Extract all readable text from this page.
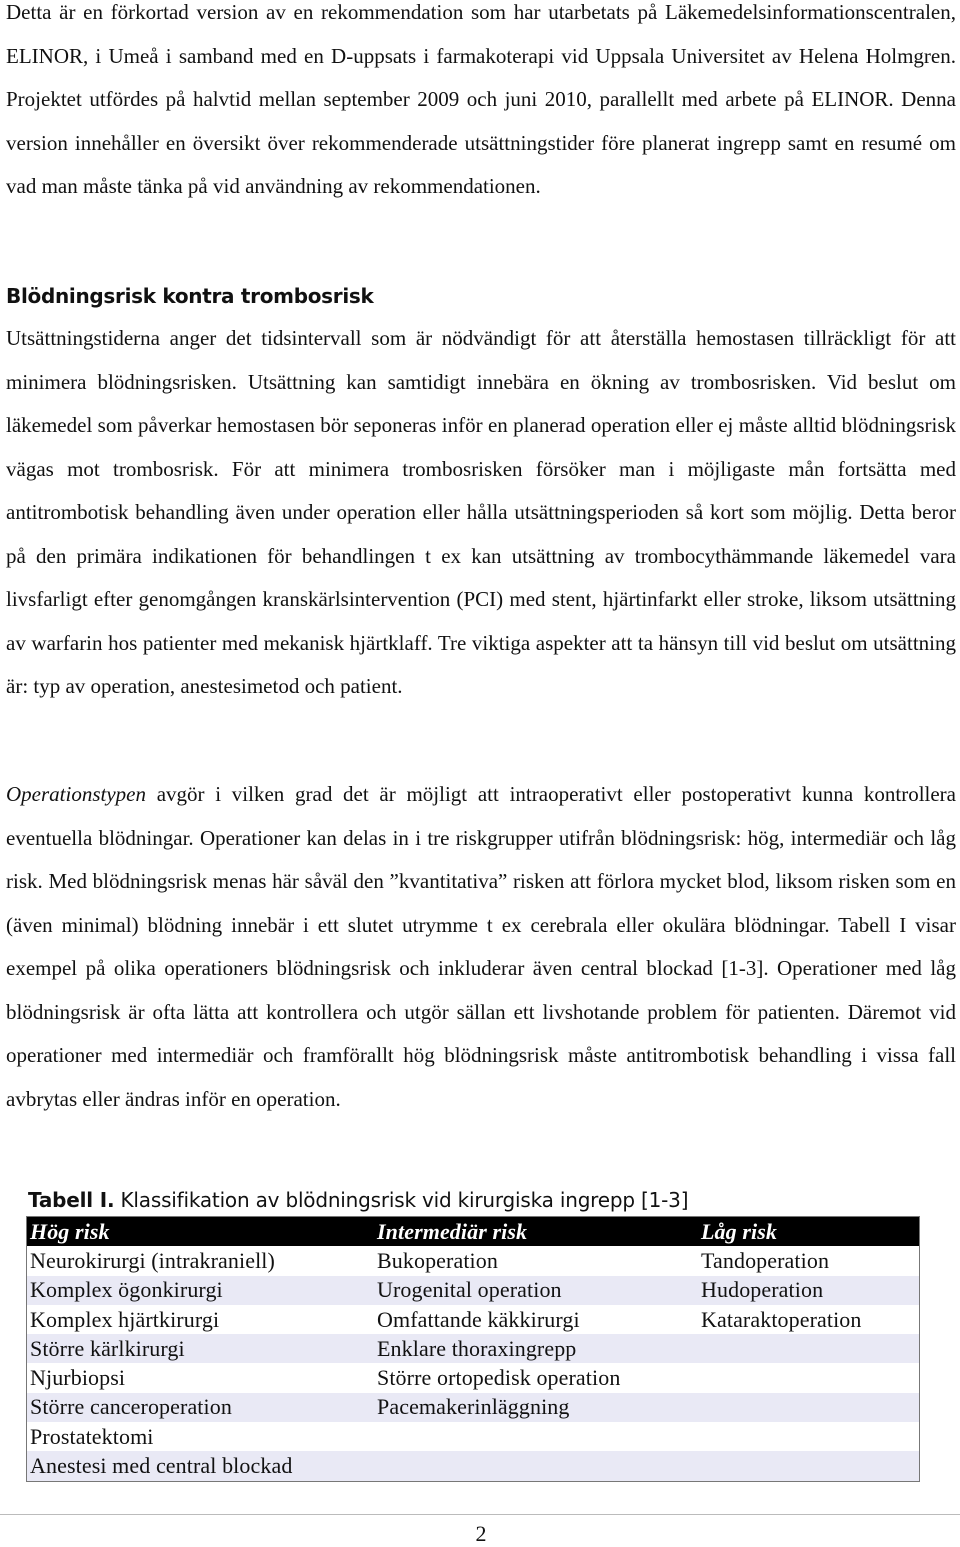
Detta är en förkortad version av en rekommendation som har utarbetats på Läkemedelsinformationscentralen, ELINOR, i Umeå i samband med en D-uppsats i farmakoterapi vid Uppsala Universitet av Helena Holmgren. Projektet utfördes på halvtid mellan september 2009 och juni 2010, parallellt med arbete på ELINOR. Denna version innehåller en översikt över rekommenderade utsättningstider före planerat ingrepp samt en resumé om vad man måste tänka på vid användning av rekommendationen.

Blödningsrisk kontra trombosrisk

Utsättningstiderna anger det tidsintervall som är nödvändigt för att återställa hemostasen tillräckligt för att minimera blödningsrisken. Utsättning kan samtidigt innebära en ökning av trombosrisken. Vid beslut om läkemedel som påverkar hemostasen bör seponeras inför en planerad operation eller ej måste alltid blödningsrisk vägas mot trombosrisk. För att minimera trombosrisken försöker man i möjligaste mån fortsätta med antitrombotisk behandling även under operation eller hålla utsättningsperioden så kort som möjlig. Detta beror på den primära indikationen för behandlingen t ex kan utsättning av trombocythämmande läkemedel vara livsfarligt efter genomgången kranskärlsintervention (PCI) med stent, hjärtinfarkt eller stroke, liksom utsättning av warfarin hos patienter med mekanisk hjärtklaff. Tre viktiga aspekter att ta hänsyn till vid beslut om utsättning är: typ av operation, anestesimetod och patient.

Operationstypen avgör i vilken grad det är möjligt att intraoperativt eller postoperativt kunna kontrollera eventuella blödningar. Operationer kan delas in i tre riskgrupper utifrån blödningsrisk: hög, intermediär och låg risk. Med blödningsrisk menas här såväl den ”kvantitativa” risken att förlora mycket blod, liksom risken som en (även minimal) blödning innebär i ett slutet utrymme t ex cerebrala eller okulära blödningar. Tabell I visar exempel på olika operationers blödningsrisk och inkluderar även central blockad [1-3]. Operationer med låg blödningsrisk är ofta lätta att kontrollera och utgör sällan ett livshotande problem för patienten. Däremot vid operationer med intermediär och framförallt hög blödningsrisk måste antitrombotisk behandling i vissa fall avbrytas eller ändras inför en operation.

Tabell I. Klassifikation av blödningsrisk vid kirurgiska ingrepp [1-3]
Hög risk	Intermediär risk	Låg risk
Neurokirurgi (intrakraniell)	Bukoperation	Tandoperation
Komplex ögonkirurgi	Urogenital operation	Hudoperation
Komplex hjärtkirurgi	Omfattande käkkirurgi	Kataraktoperation
Större kärlkirurgi	Enklare thoraxingrepp
Njurbiopsi	Större ortopedisk operation
Större canceroperation	Pacemakerinläggning
Prostatektomi
Anestesi med central blockad
2
